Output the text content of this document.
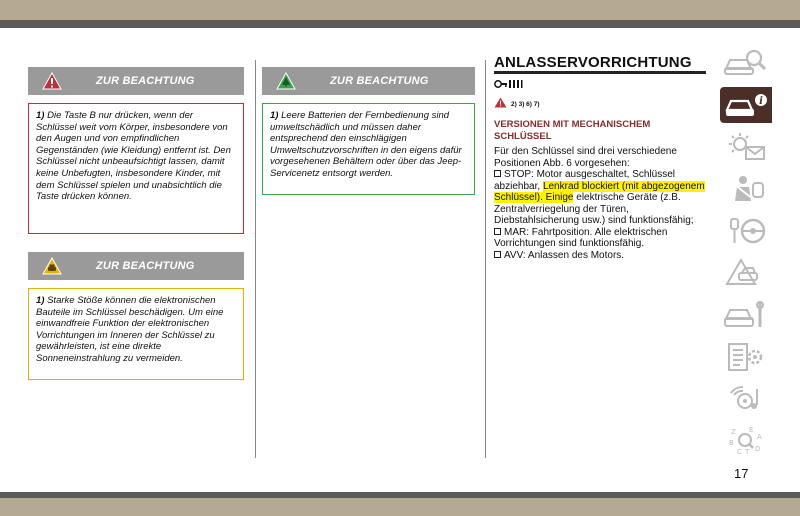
ZUR BEACHTUNG
1) Die Taste B nur drücken, wenn der Schlüssel weit vom Körper, insbesondere von den Augen und von empfindlichen Gegenständen (wie Kleidung) entfernt ist. Den Schlüssel nicht unbeaufsichtigt lassen, damit keine Unbefugten, insbesondere Kinder, mit dem Schlüssel spielen und unabsichtlich die Taste drücken können.
ZUR BEACHTUNG
1) Starke Stöße können die elektronischen Bauteile im Schlüssel beschädigen. Um eine einwandfreie Funktion der elektronischen Vorrichtungen im Inneren der Schlüssel zu gewährleisten, ist eine direkte Sonneneinstrahlung zu vermeiden.
ZUR BEACHTUNG
1) Leere Batterien der Fernbedienung sind umweltschädlich und müssen daher entsprechend den einschlägigen Umweltschutzvorschriften in den eigens dafür vorgesehenen Behältern oder über das Jeep-Servicenetz entsorgt werden.
ANLASSERVORRICHTUNG
2) 3) 6) 7)
VERSIONEN MIT MECHANISCHEM SCHLÜSSEL
Für den Schlüssel sind drei verschiedene Positionen Abb. 6 vorgesehen:
STOP: Motor ausgeschaltet, Schlüssel abziehbar, Lenkrad blockiert (mit abgezogenem Schlüssel). Einige elektrische Geräte (z.B. Zentralverriegelung der Türen, Diebstahlsicherung usw.) sind funktionsfähig;
MAR: Fahrtposition. Alle elektrischen Vorrichtungen sind funktionsfähig.
AVV: Anlassen des Motors.
i
Z E
A
B
D
C T
17
